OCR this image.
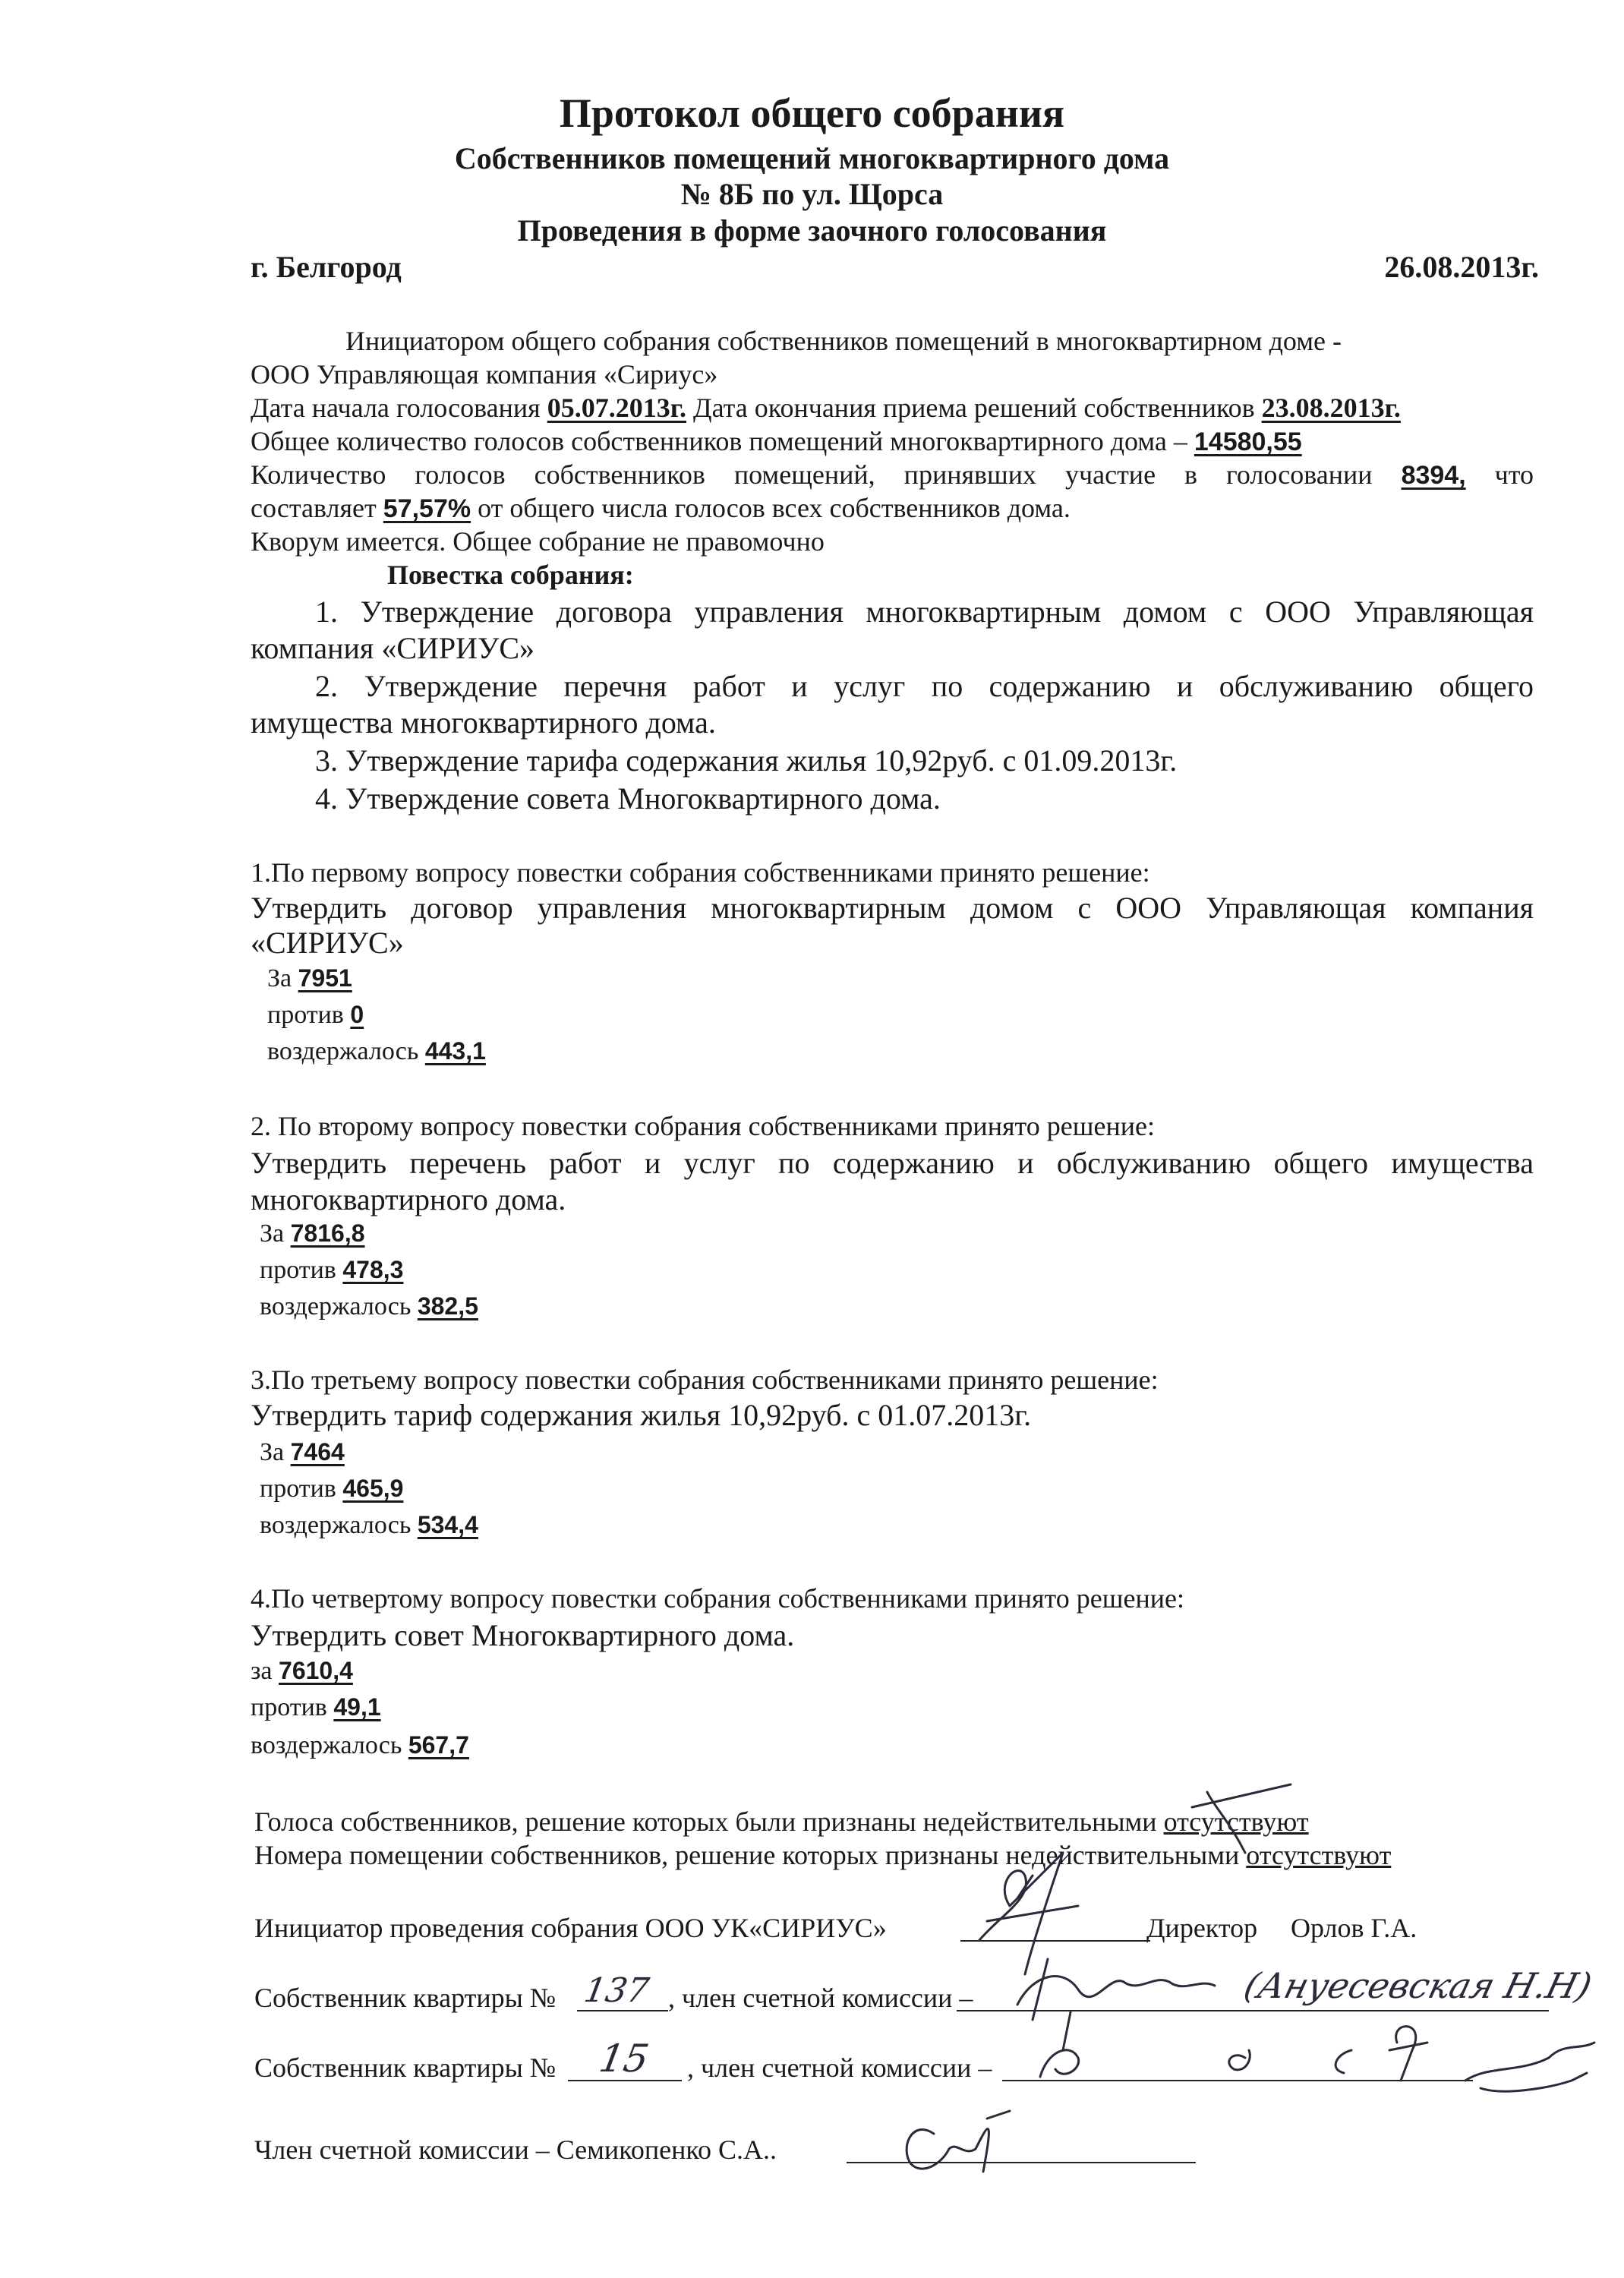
Протокол общего собрания
Собственников помещений многоквартирного дома
№ 8Б по ул. Щорса
Проведения в форме заочного голосования
г. Белгород	26.08.2013г.
Инициатором общего собрания собственников помещений в многоквартирном доме -
ООО Управляющая компания «Сириус»
Дата начала голосования 05.07.2013г. Дата окончания приема решений собственников 23.08.2013г.
Общее количество голосов собственников помещений многоквартирного дома – 14580,55
Количество голосов собственников помещений, принявших участие в голосовании 8394, что
составляет 57,57% от общего числа голосов всех собственников дома.
Кворум имеется. Общее собрание не правомочно
Повестка собрания:
1. Утверждение договора управления многоквартирным домом с ООО Управляющая
компания «СИРИУС»
2. Утверждение перечня работ и услуг по содержанию и обслуживанию общего
имущества многоквартирного дома.
3. Утверждение тарифа содержания жилья 10,92руб. с 01.09.2013г.
4. Утверждение совета Многоквартирного дома.
1.По первому вопросу повестки собрания собственниками принято решение:
Утвердить договор управления многоквартирным домом с ООО Управляющая компания
«СИРИУС»
За 7951
против 0
воздержалось 443,1
2. По второму вопросу повестки собрания собственниками принято решение:
Утвердить перечень работ и услуг по содержанию и обслуживанию общего имущества
многоквартирного дома.
За 7816,8
против 478,3
воздержалось 382,5
3.По третьему вопросу повестки собрания собственниками принято решение:
Утвердить тариф содержания жилья 10,92руб. с 01.07.2013г.
За 7464
против 465,9
воздержалось 534,4
4.По четвертому вопросу повестки собрания собственниками принято решение:
Утвердить совет Многоквартирного дома.
за 7610,4
против 49,1
воздержалось 567,7
Голоса собственников, решение которых были признаны недействительными отсутствуют
Номера помещении собственников, решение которых признаны недействительными отсутствуют
Инициатор проведения собрания ООО УК«СИРИУС»	Директор Орлов Г.А.
Собственник квартиры № 137 , член счетной комиссии –	(Ануесевская Н.Н)
Собственник квартиры № 15 , член счетной комиссии –
Член счетной комиссии – Семикопенко С.А..
